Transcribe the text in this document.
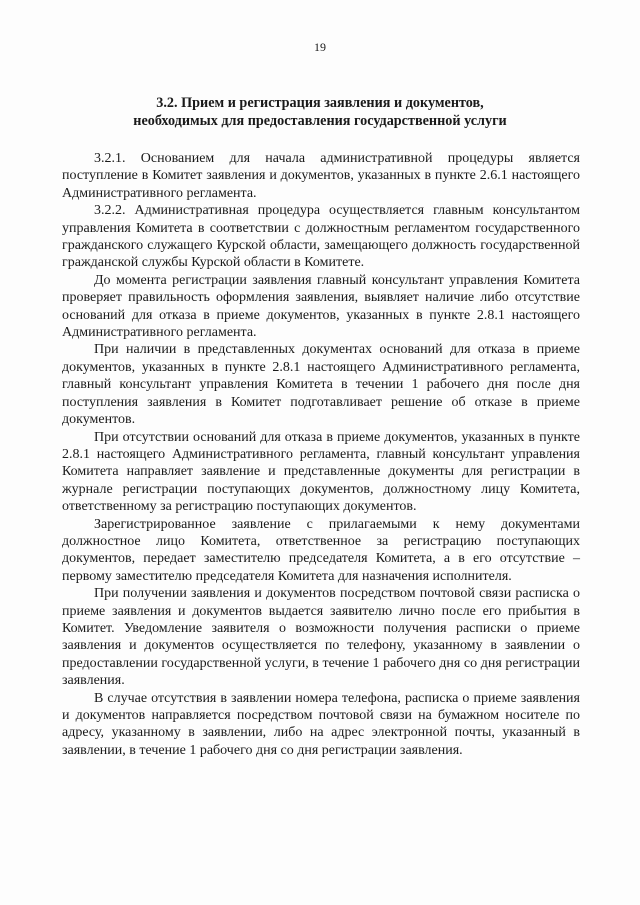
19
3.2. Прием и регистрация заявления и документов,
необходимых для предоставления государственной услуги

3.2.1. Основанием для начала административной процедуры является поступление в Комитет заявления и документов, указанных в пункте 2.6.1 настоящего Административного регламента.

3.2.2. Административная процедура осуществляется главным консультантом управления Комитета в соответствии с должностным регламентом государственного гражданского служащего Курской области, замещающего должность государственной гражданской службы Курской области в Комитете.

До момента регистрации заявления главный консультант управления Комитета проверяет правильность оформления заявления, выявляет наличие либо отсутствие оснований для отказа в приеме документов, указанных в пункте 2.8.1 настоящего Административного регламента.

При наличии в представленных документах оснований для отказа в приеме документов, указанных в пункте 2.8.1 настоящего Административного регламента, главный консультант управления Комитета в течении 1 рабочего дня после дня поступления заявления в Комитет подготавливает решение об отказе в приеме документов.

При отсутствии оснований для отказа в приеме документов, указанных в пункте 2.8.1 настоящего Административного регламента, главный консультант управления Комитета направляет заявление и представленные документы для регистрации в журнале регистрации поступающих документов, должностному лицу Комитета, ответственному за регистрацию поступающих документов.

Зарегистрированное заявление с прилагаемыми к нему документами должностное лицо Комитета, ответственное за регистрацию поступающих документов, передает заместителю председателя Комитета, а в его отсутствие – первому заместителю председателя Комитета для назначения исполнителя.

При получении заявления и документов посредством почтовой связи расписка о приеме заявления и документов выдается заявителю лично после его прибытия в Комитет. Уведомление заявителя о возможности получения расписки о приеме заявления и документов осуществляется по телефону, указанному в заявлении о предоставлении государственной услуги, в течение 1 рабочего дня со дня регистрации заявления.

В случае отсутствия в заявлении номера телефона, расписка о приеме заявления и документов направляется посредством почтовой связи на бумажном носителе по адресу, указанному в заявлении, либо на адрес электронной почты, указанный в заявлении, в течение 1 рабочего дня со дня регистрации заявления.
